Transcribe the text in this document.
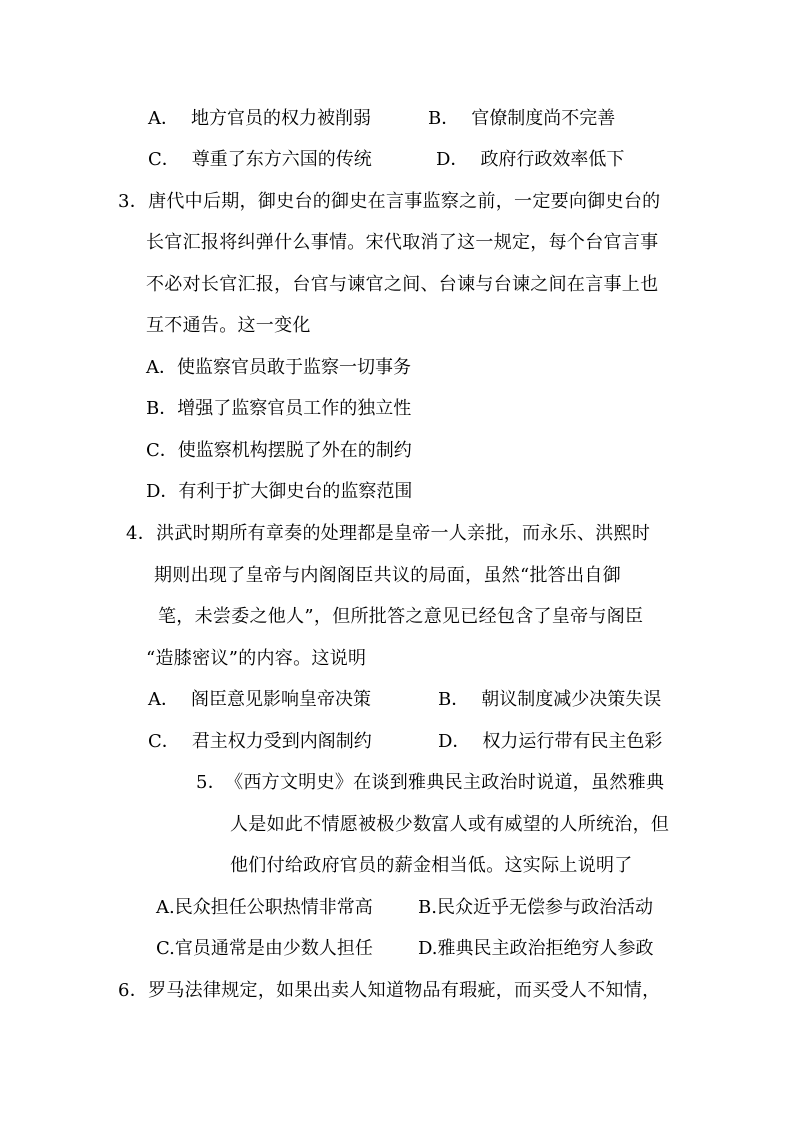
A． 地方官员的权力被削弱	B． 官僚制度尚不完善
C． 尊重了东方六国的传统	D． 政府行政效率低下
3．唐代中后期，御史台的御史在言事监察之前，一定要向御史台的
长官汇报将纠弹什么事情。宋代取消了这一规定，每个台官言事
不必对长官汇报，台官与谏官之间、台谏与台谏之间在言事上也
互不通告。这一变化
A．使监察官员敢于监察一切事务
B．增强了监察官员工作的独立性
C．使监察机构摆脱了外在的制约
D．有利于扩大御史台的监察范围
4．洪武时期所有章奏的处理都是皇帝一人亲批，而永乐、洪熙时
期则出现了皇帝与内阁阁臣共议的局面，虽然“批答出自御
笔，未尝委之他人”，但所批答之意见已经包含了皇帝与阁臣
“造膝密议”的内容。这说明
A． 阁臣意见影响皇帝决策	B． 朝议制度减少决策失误
C． 君主权力受到内阁制约	D． 权力运行带有民主色彩
5． 《西方文明史》在谈到雅典民主政治时说道，虽然雅典
人是如此不情愿被极少数富人或有威望的人所统治，但
他们付给政府官员的薪金相当低。这实际上说明了
A.民众担任公职热情非常高	B.民众近乎无偿参与政治活动
C.官员通常是由少数人担任	D.雅典民主政治拒绝穷人参政
6．罗马法律规定，如果出卖人知道物品有瑕疵，而买受人不知情，
